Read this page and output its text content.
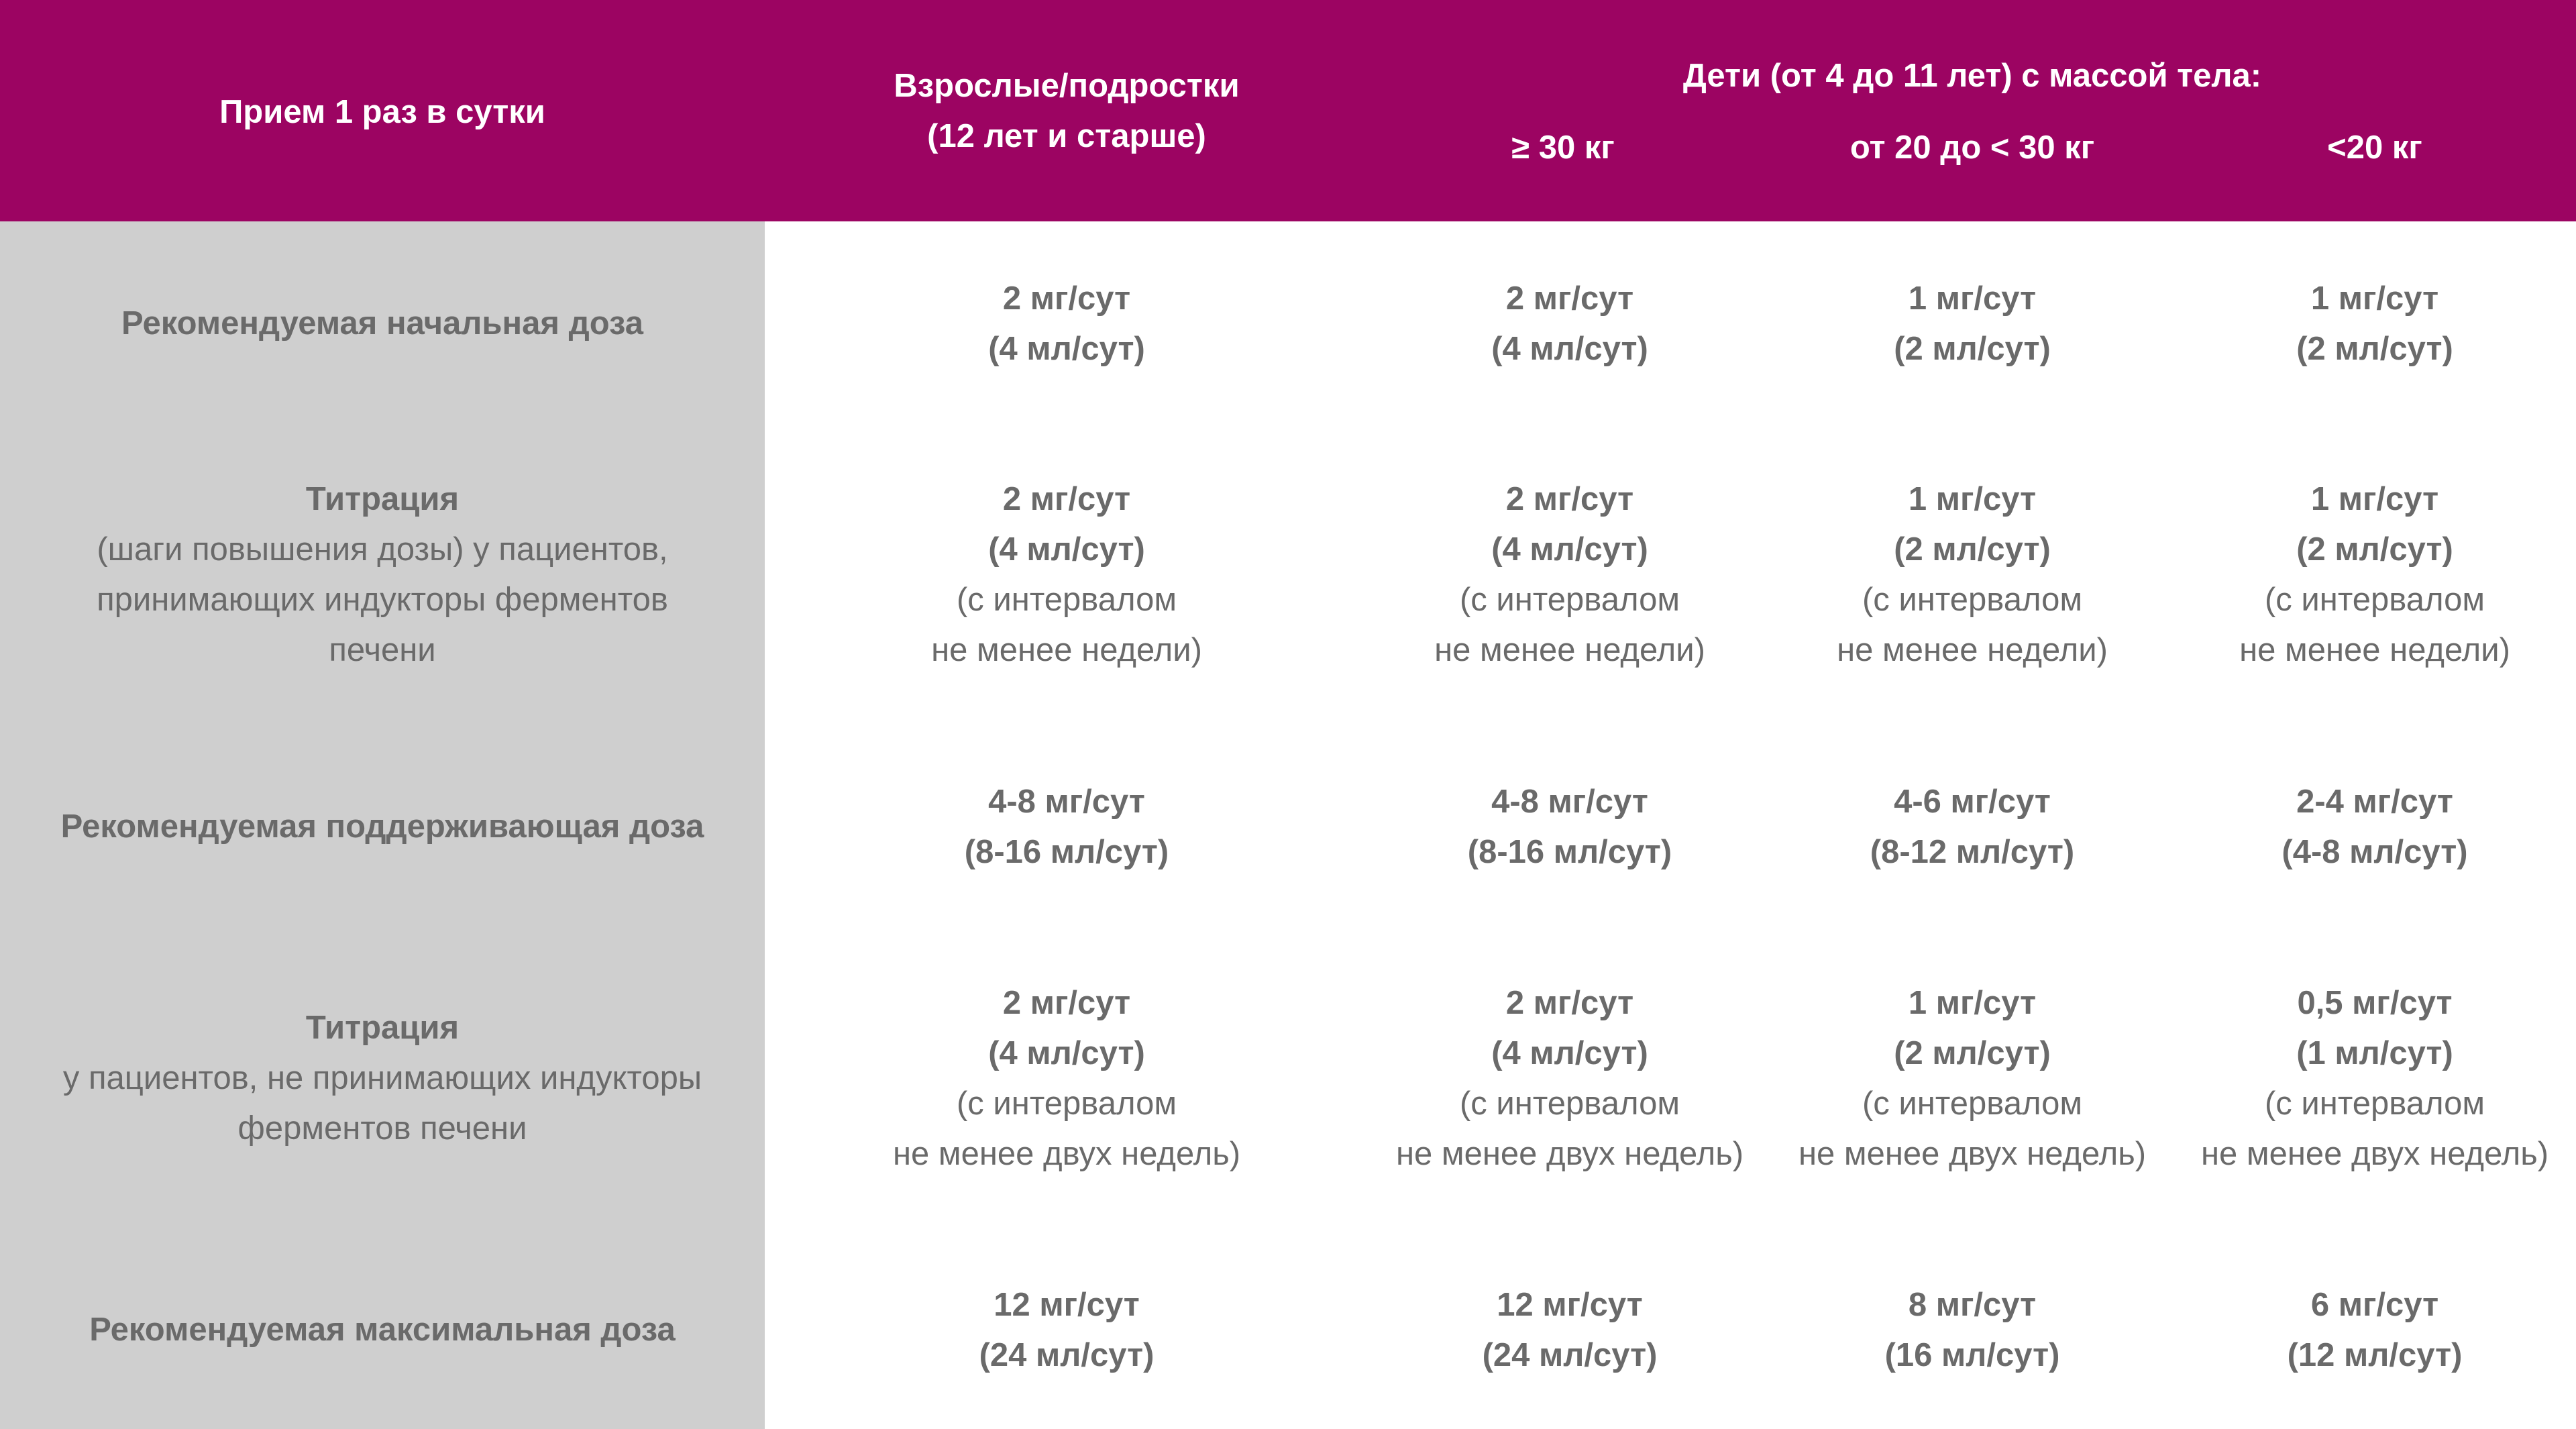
Прием 1 раз в сутки
Взрослые/подростки
(12 лет и старше)
Дети (от 4 до 11 лет) с массой тела:
≥ 30 кг	от 20 до < 30 кг	<20 кг
Рекомендуемая начальная доза
Титрация
(шаги повышения дозы) у пациентов,
принимающих индукторы ферментов
печени
Рекомендуемая поддерживающая доза
Титрация
у пациентов, не принимающих индукторы
ферментов печени
Рекомендуемая максимальная доза
2 мг/сут
(4 мл/сут)
2 мг/сут
(4 мл/сут)
1 мг/сут
(2 мл/сут)
1 мг/сут
(2 мл/сут)
2 мг/сут
(4 мл/сут)
(с интервалом
не менее недели)
2 мг/сут
(4 мл/сут)
(с интервалом
не менее недели)
1 мг/сут
(2 мл/сут)
(с интервалом
не менее недели)
1 мг/сут
(2 мл/сут)
(с интервалом
не менее недели)
4-8 мг/сут
(8-16 мл/сут)
4-8 мг/сут
(8-16 мл/сут)
4-6 мг/сут
(8-12 мл/сут)
2-4 мг/сут
(4-8 мл/сут)
2 мг/сут
(4 мл/сут)
(с интервалом
не менее двух недель)
2 мг/сут
(4 мл/сут)
(с интервалом
не менее двух недель)
1 мг/сут
(2 мл/сут)
(с интервалом
не менее двух недель)
0,5 мг/сут
(1 мл/сут)
(с интервалом
не менее двух недель)
12 мг/сут
(24 мл/сут)
12 мг/сут
(24 мл/сут)
8 мг/сут
(16 мл/сут)
6 мг/сут
(12 мл/сут)
